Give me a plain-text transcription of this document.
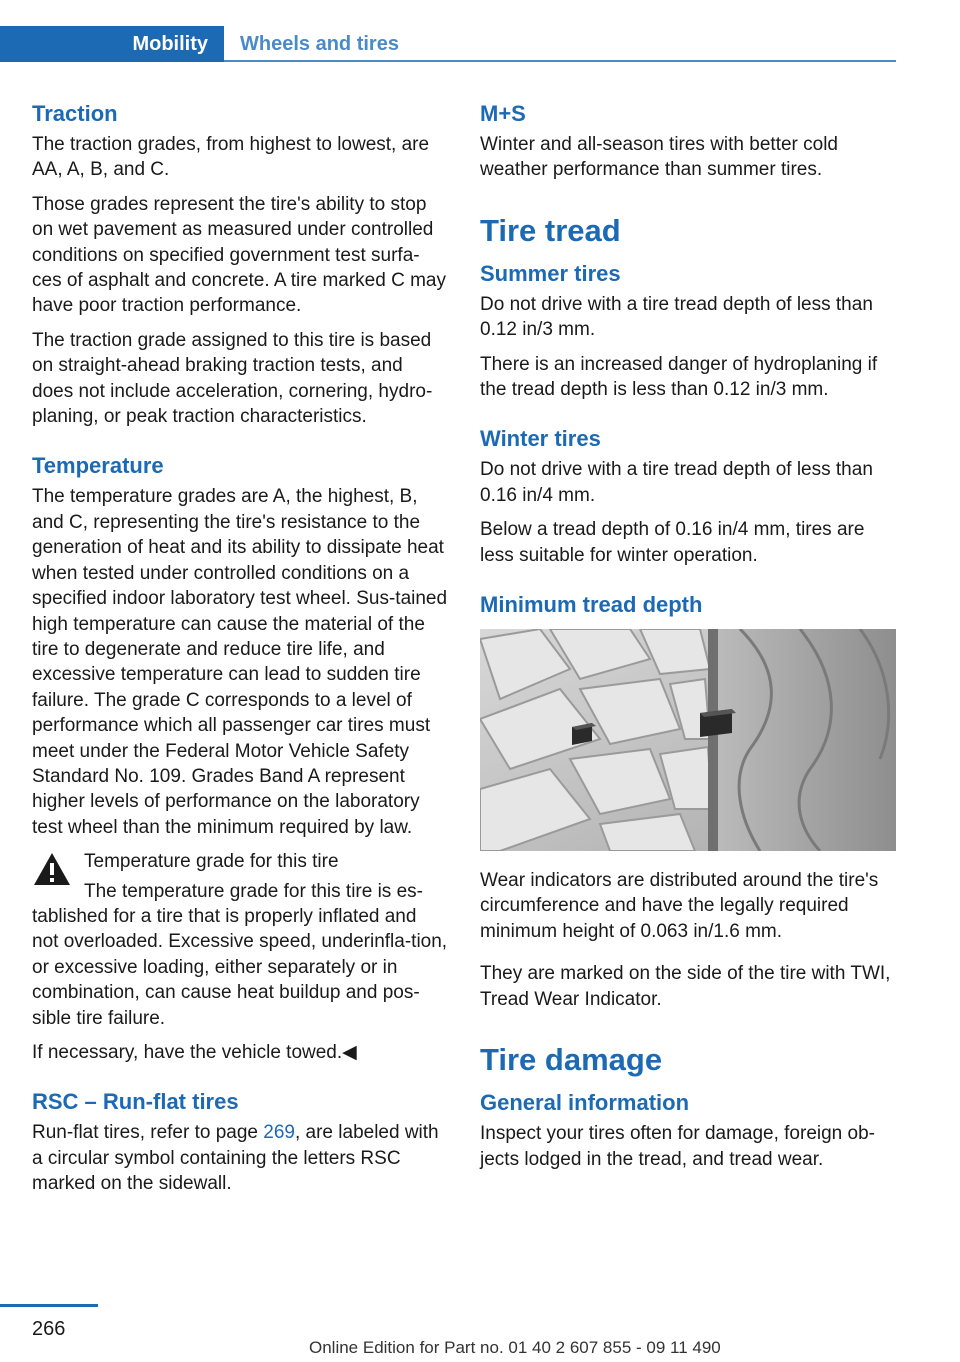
Mobility Wheels and tires
Traction

The traction grades, from highest to lowest, are AA, A, B, and C.

Those grades represent the tire's ability to stop on wet pavement as measured under controlled conditions on specified government test surfa‐ces of asphalt and concrete. A tire marked C may have poor traction performance.

The traction grade assigned to this tire is based on straight-ahead braking traction tests, and does not include acceleration, cornering, hydro‐planing, or peak traction characteristics.

Temperature

The temperature grades are A, the highest, B, and C, representing the tire's resistance to the generation of heat and its ability to dissipate heat when tested under controlled conditions on a specified indoor laboratory test wheel. Sus‐tained high temperature can cause the material of the tire to degenerate and reduce tire life, and excessive temperature can lead to sudden tire failure. The grade C corresponds to a level of performance which all passenger car tires must meet under the Federal Motor Vehicle Safety Standard No. 109. Grades Band A represent higher levels of performance on the laboratory test wheel than the minimum required by law.

Temperature grade for this tire

The temperature grade for this tire is es‐tablished for a tire that is properly inflated and not overloaded. Excessive speed, underinfla‐tion, or excessive loading, either separately or in combination, can cause heat buildup and pos‐sible tire failure.

If necessary, have the vehicle towed.◀

RSC – Run-flat tires

Run-flat tires, refer to page 269, are labeled with a circular symbol containing the letters RSC marked on the sidewall.

M+S

Winter and all-season tires with better cold weather performance than summer tires.

Tire tread
Summer tires

Do not drive with a tire tread depth of less than 0.12 in/3 mm.

There is an increased danger of hydroplaning if the tread depth is less than 0.12 in/3 mm.

Winter tires

Do not drive with a tire tread depth of less than 0.16 in/4 mm.

Below a tread depth of 0.16 in/4 mm, tires are less suitable for winter operation.

Minimum tread depth

Wear indicators are distributed around the tire's circumference and have the legally required minimum height of 0.063 in/1.6 mm.

They are marked on the side of the tire with TWI, Tread Wear Indicator.

Tire damage
General information

Inspect your tires often for damage, foreign ob‐jects lodged in the tread, and tread wear.

266
Online Edition for Part no. 01 40 2 607 855 - 09 11 490
